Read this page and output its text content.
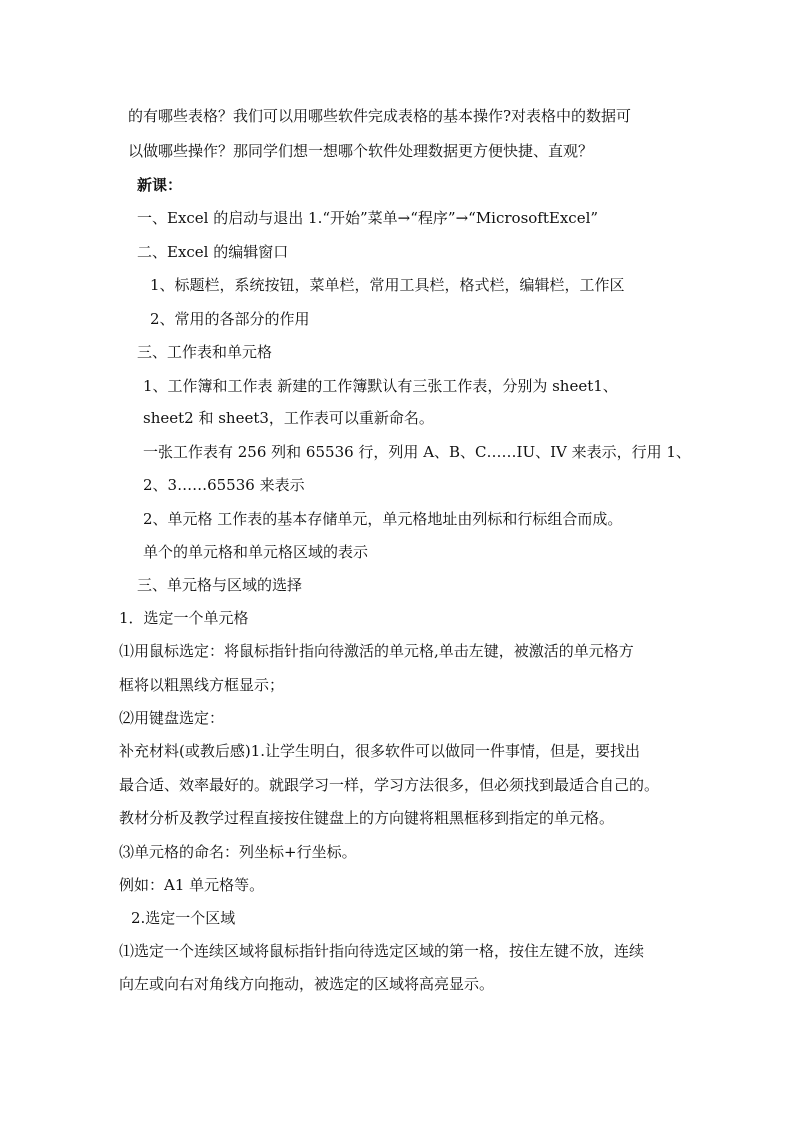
的有哪些表格？我们可以用哪些软件完成表格的基本操作?对表格中的数据可
以做哪些操作？那同学们想一想哪个软件处理数据更方便快捷、直观？
新课：
一、Excel 的启动与退出 1.“开始”菜单→“程序”→“MicrosoftExcel”
二、Excel 的编辑窗口
1、标题栏，系统按钮，菜单栏，常用工具栏，格式栏，编辑栏，工作区
2、常用的各部分的作用
三、工作表和单元格
1、工作簿和工作表 新建的工作簿默认有三张工作表，分别为 sheet1、
sheet2 和 sheet3，工作表可以重新命名。
一张工作表有 256 列和 65536 行，列用 A、B、C……IU、IV 来表示，行用 1、
2、3……65536 来表示
2、单元格 工作表的基本存储单元，单元格地址由列标和行标组合而成。
单个的单元格和单元格区域的表示
三、单元格与区域的选择
1．选定一个单元格
⑴用鼠标选定：将鼠标指针指向待激活的单元格,单击左键，被激活的单元格方
框将以粗黑线方框显示；
⑵用键盘选定：
补充材料(或教后感)1.让学生明白，很多软件可以做同一件事情，但是，要找出
最合适、效率最好的。就跟学习一样，学习方法很多，但必须找到最适合自己的。
教材分析及教学过程直接按住键盘上的方向键将粗黑框移到指定的单元格。
⑶单元格的命名：列坐标+行坐标。
例如：A1 单元格等。
2.选定一个区域
⑴选定一个连续区域将鼠标指针指向待选定区域的第一格，按住左键不放，连续
向左或向右对角线方向拖动，被选定的区域将高亮显示。
